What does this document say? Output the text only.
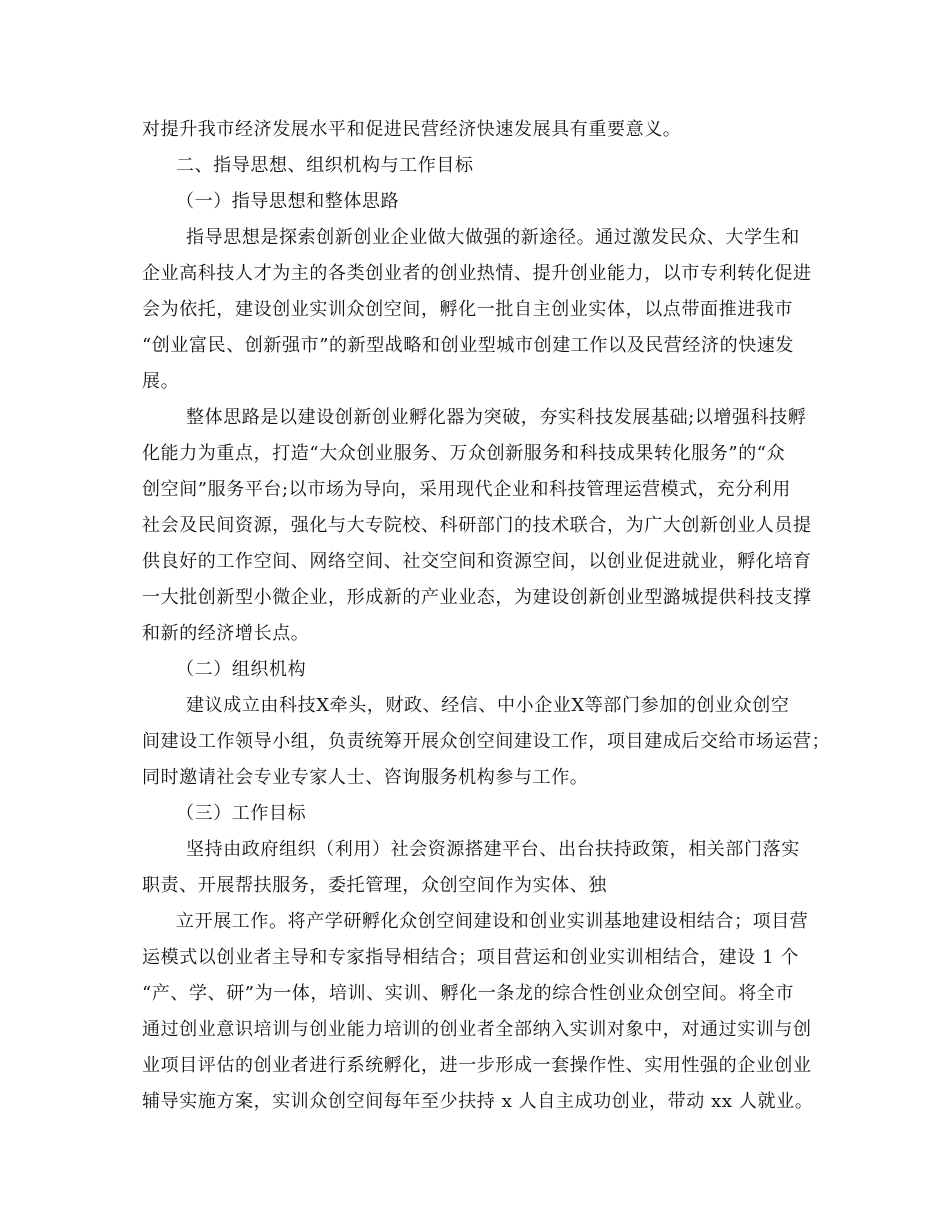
对提升我市经济发展水平和促进民营经济快速发展具有重要意义。
二、指导思想、组织机构与工作目标
（一）指导思想和整体思路
指导思想是探索创新创业企业做大做强的新途径。通过激发民众、大学生和
企业高科技人才为主的各类创业者的创业热情、提升创业能力，以市专利转化促进
会为依托，建设创业实训众创空间，孵化一批自主创业实体，以点带面推进我市
“创业富民、创新强市”的新型战略和创业型城市创建工作以及民营经济的快速发
展。
整体思路是以建设创新创业孵化器为突破，夯实科技发展基础;以增强科技孵
化能力为重点，打造“大众创业服务、万众创新服务和科技成果转化服务”的“众
创空间”服务平台;以市场为导向，采用现代企业和科技管理运营模式，充分利用
社会及民间资源，强化与大专院校、科研部门的技术联合，为广大创新创业人员提
供良好的工作空间、网络空间、社交空间和资源空间，以创业促进就业，孵化培育
一大批创新型小微企业，形成新的产业业态，为建设创新创业型潞城提供科技支撑
和新的经济增长点。
（二）组织机构
建议成立由科技X牵头，财政、经信、中小企业X等部门参加的创业众创空
间建设工作领导小组，负责统筹开展众创空间建设工作，项目建成后交给市场运营；
同时邀请社会专业专家人士、咨询服务机构参与工作。
（三）工作目标
坚持由政府组织（利用）社会资源搭建平台、出台扶持政策，相关部门落实
职责、开展帮扶服务，委托管理，众创空间作为实体、独
立开展工作。将产学研孵化众创空间建设和创业实训基地建设相结合；项目营
运模式以创业者主导和专家指导相结合；项目营运和创业实训相结合，建设 1 个
“产、学、研”为一体，培训、实训、孵化一条龙的综合性创业众创空间。将全市
通过创业意识培训与创业能力培训的创业者全部纳入实训对象中，对通过实训与创
业项目评估的创业者进行系统孵化，进一步形成一套操作性、实用性强的企业创业
辅导实施方案，实训众创空间每年至少扶持 x 人自主成功创业，带动 xx 人就业。
